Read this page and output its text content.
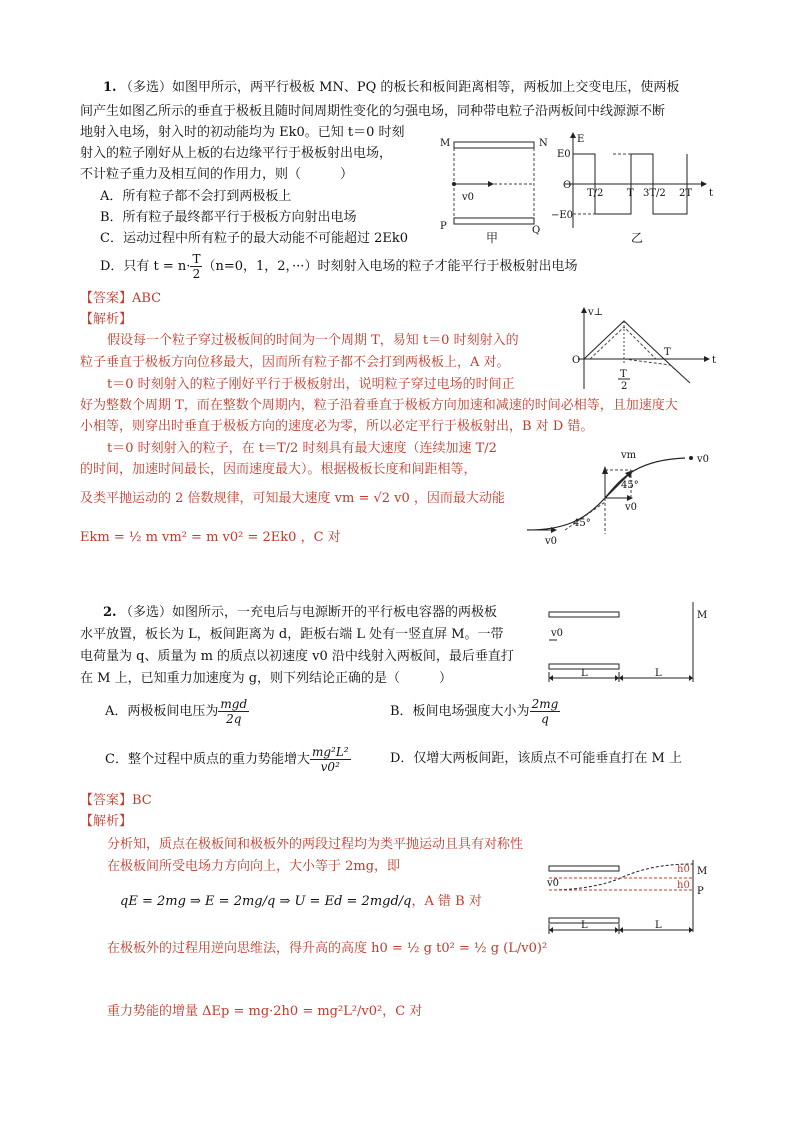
1. （多选）如图甲所示，两平行极板 MN、PQ 的板长和板间距离相等，两板加上交变电压，使两板
间产生如图乙所示的垂直于极板且随时间周期性变化的匀强电场，同种带电粒子沿两板间中线源源不断
地射入电场，射入时的初动能均为 Ek0。已知 t＝0 时刻
射入的粒子刚好从上板的右边缘平行于极板射出电场，
不计粒子重力及相互间的作用力，则（　　　）
A．所有粒子都不会打到两极板上
B．所有粒子最终都平行于极板方向射出电场
C．运动过程中所有粒子的最大动能不可能超过 2Ek0
D．只有 $t = n\cdot \frac{T}{2} (n=0$，1，2，···）时刻射入电场的粒子才能平行于极板射出电场
【答案】ABC
【解析】
假设每一个粒子穿过极板间的时间为一个周期 T，易知 t＝0 时刻射入的
粒子垂直于极板方向位移最大，因而所有粒子都不会打到两极板上，A 对。
t＝0 时刻射入的粒子刚好平行于极板射出，说明粒子穿过电场的时间正
好为整数个周期 T，而在整数个周期内，粒子沿着垂直于极板方向加速和减速的时间必相等，且加速度大
小相等，则穿出时垂直于极板方向的速度必为零，所以必定平行于极板射出，B 对 D 错。
t＝0 时刻射入的粒子，在 t＝T/2 时刻具有最大速度（连续加速 T/2
的时间，加速时间最长，因而速度最大）。根据极板长度和间距相等，
及类平抛运动的 2 倍数规律，可知最大速度 vm = √2 v0 ，因而最大动能
Ekm = ½ m vm² = m v0² = 2Ek0 ，C 对
M	N
P	Q
v0
甲
E
E0
−E0
O
T/2 T 3T/2 2T t
乙
v⊥
O
T
T
2
t
vm	v0
v0
v0
45°
45°
2. （多选）如图所示，一充电后与电源断开的平行板电容器的两极板
水平放置，板长为 L，板间距离为 d，距板右端 L 处有一竖直屏 M。一带
电荷量为 q、质量为 m 的质点以初速度 v0 沿中线射入两板间，最后垂直打
在 M 上，已知重力加速度为 g，则下列结论正确的是（　　　）
A．两极板间电压为 $\frac{\text{mgd}}{2q}$	B．板间电场强度大小为 $\frac{2mg}{q}$
C．整个过程中质点的重力势能增大 $\frac{\text{mg²L²}}{\text{v0²}}$	D．仅增大两板间距，该质点不可能垂直打在 M 上
M
v0
L	L
【答案】BC
【解析】
分析知，质点在极板间和极板外的两段过程均为类平抛运动且具有对称性
在极板间所受电场力方向向上，大小等于 2mg，即
qE = 2mg ⇒ E = 2mg/q ⇒ U = Ed = 2mgd/q，A 错 B 对
在极板外的过程用逆向思维法，得升高的高度 h0 = ½ g t0² = ½ g (L/v0)²
重力势能的增量 ΔEp = mg·2h0 = mg²L²/v0²，C 对
M
P
v0
h0
h0
L	L
